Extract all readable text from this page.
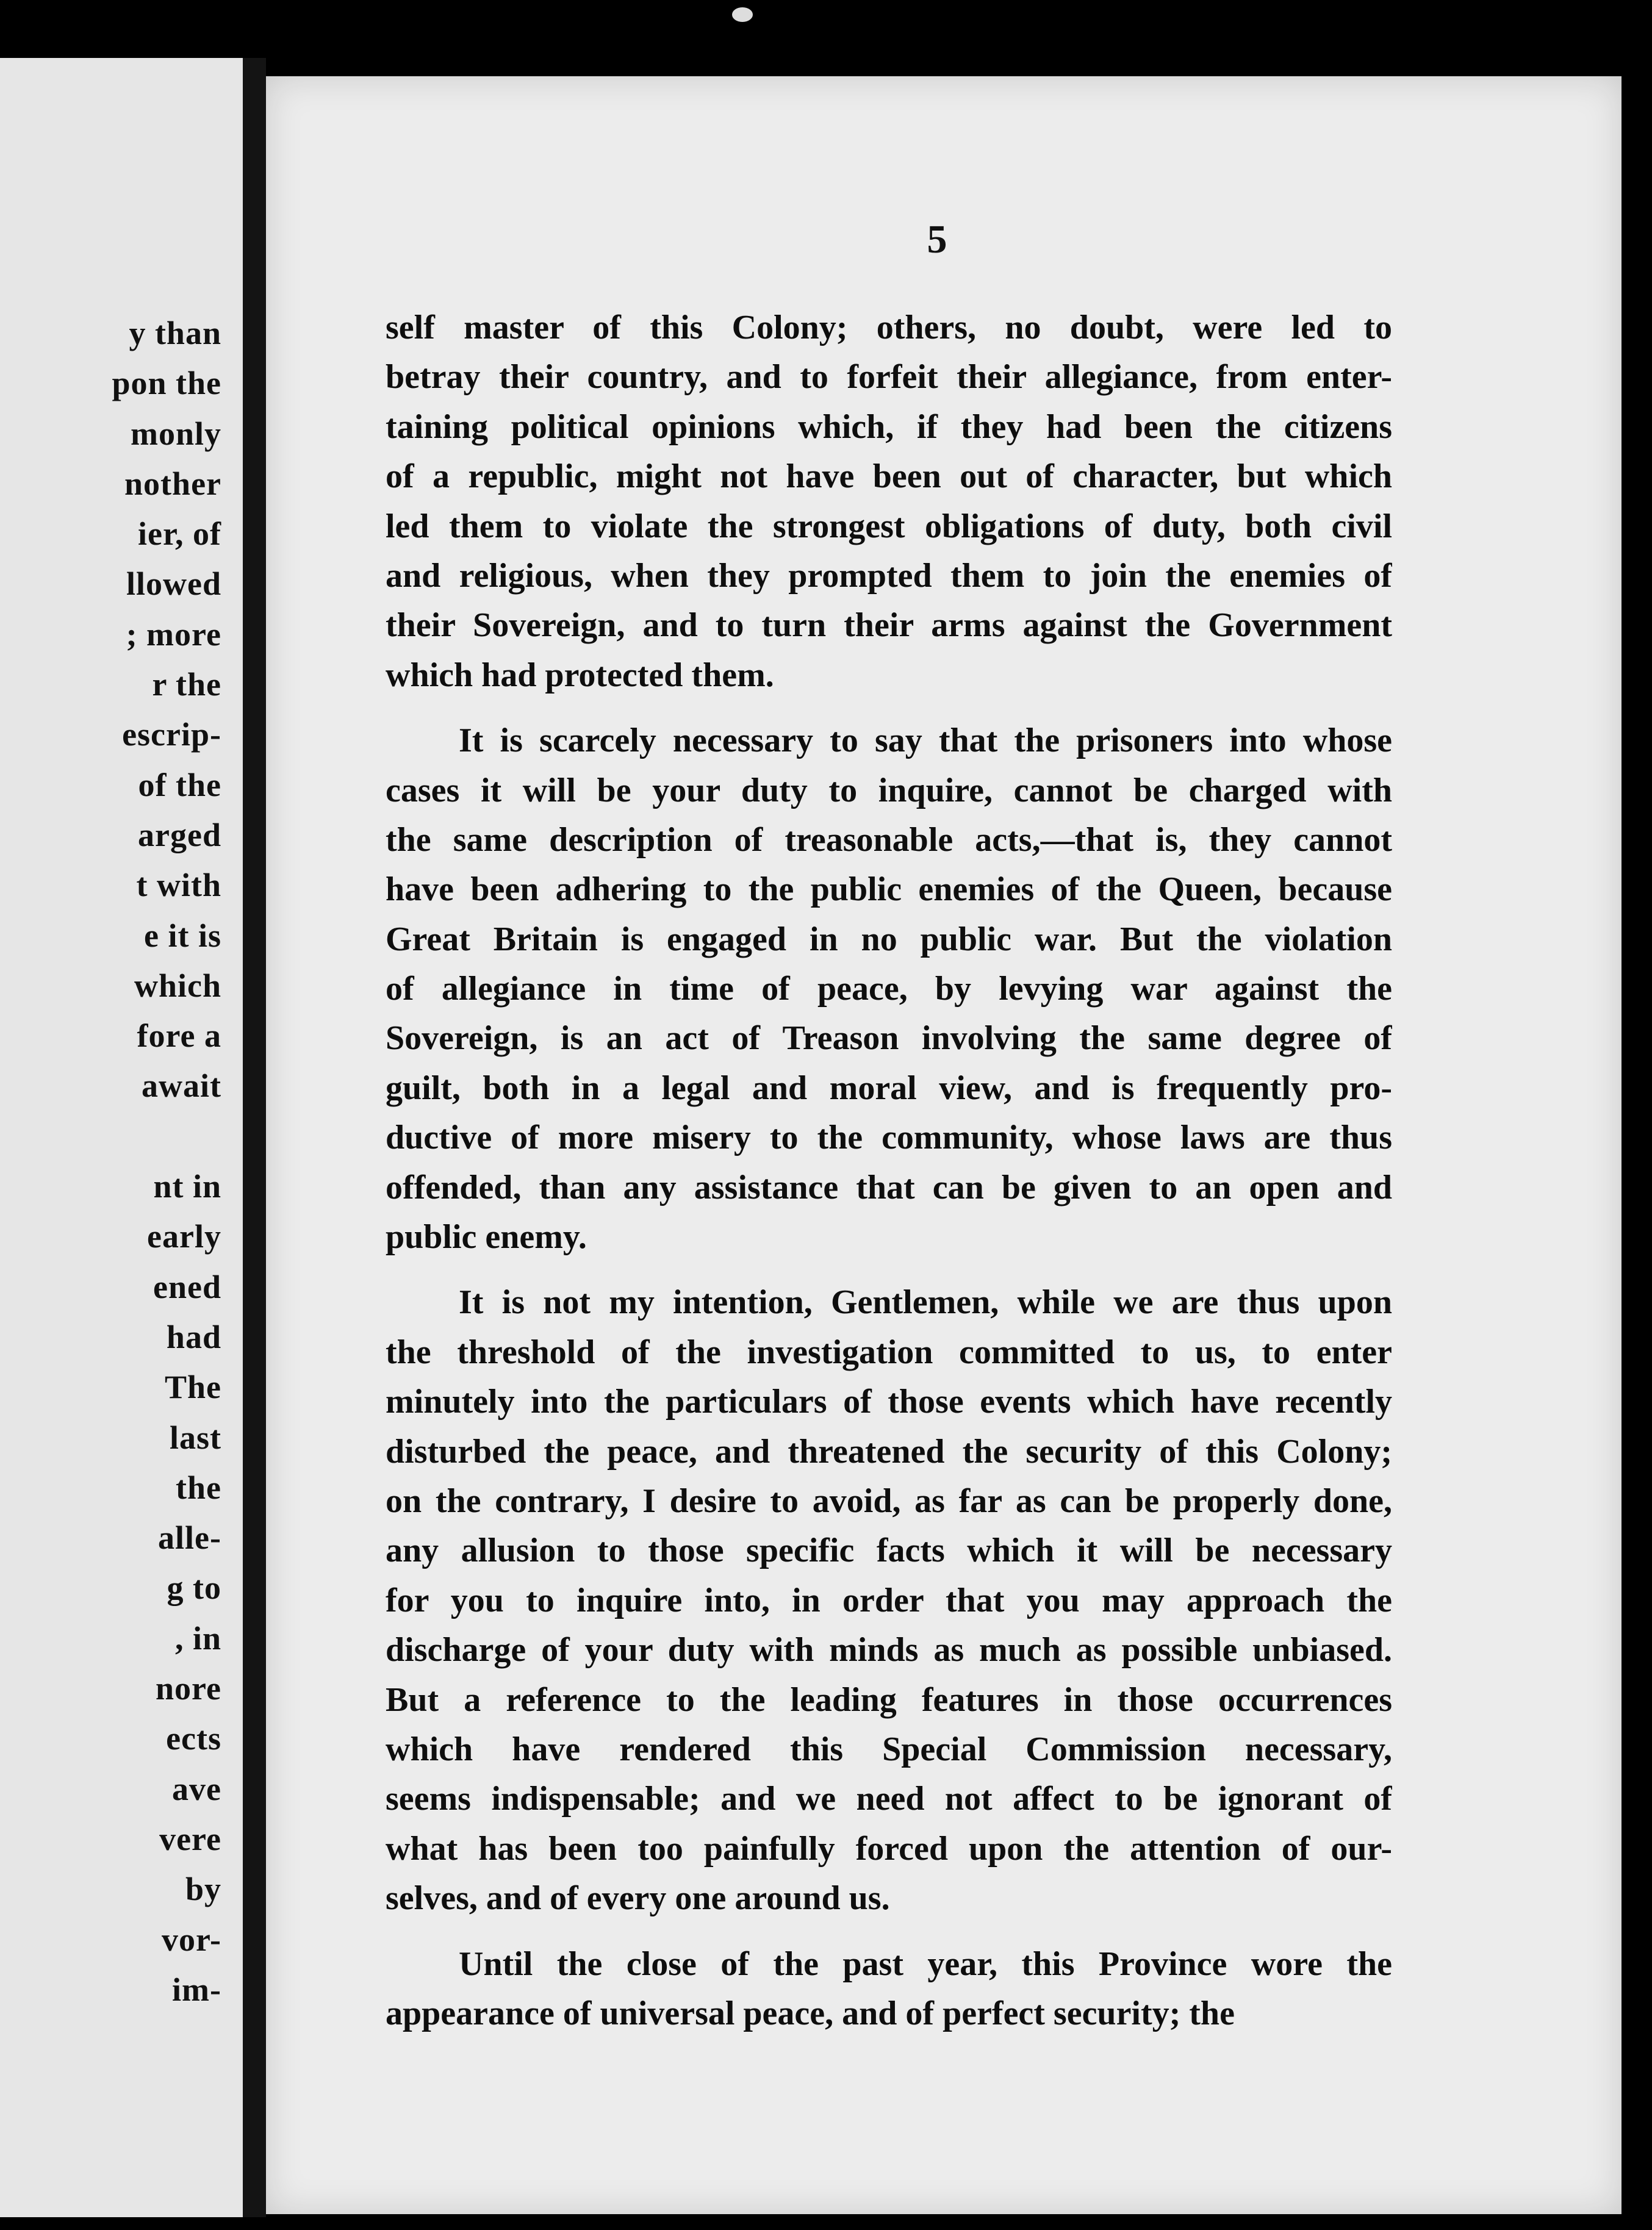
y than
pon the
monly
nother
ier, of
llowed
; more
r the
escrip-
of the
arged
t with
e it is
which
fore a
await
nt in
early
ened
had
The
last
the
alle-
g to
, in
nore
ects
ave
vere
by
vor-
im-
5
self master of this Colony; others, no doubt, were led to
betray their country, and to forfeit their allegiance, from enter-
taining political opinions which, if they had been the citizens
of a republic, might not have been out of character, but which
led them to violate the strongest obligations of duty, both civil
and religious, when they prompted them to join the enemies of
their Sovereign, and to turn their arms against the Government
which had protected them.
It is scarcely necessary to say that the prisoners into whose
cases it will be your duty to inquire, cannot be charged with
the same description of treasonable acts,—that is, they cannot
have been adhering to the public enemies of the Queen, because
Great Britain is engaged in no public war. But the violation
of allegiance in time of peace, by levying war against the
Sovereign, is an act of Treason involving the same degree of
guilt, both in a legal and moral view, and is frequently pro-
ductive of more misery to the community, whose laws are thus
offended, than any assistance that can be given to an open and
public enemy.
It is not my intention, Gentlemen, while we are thus upon
the threshold of the investigation committed to us, to enter
minutely into the particulars of those events which have recently
disturbed the peace, and threatened the security of this Colony;
on the contrary, I desire to avoid, as far as can be properly done,
any allusion to those specific facts which it will be necessary
for you to inquire into, in order that you may approach the
discharge of your duty with minds as much as possible unbiased.
But a reference to the leading features in those occurrences
which have rendered this Special Commission necessary,
seems indispensable; and we need not affect to be ignorant of
what has been too painfully forced upon the attention of our-
selves, and of every one around us.
Until the close of the past year, this Province wore the
appearance of universal peace, and of perfect security; the
